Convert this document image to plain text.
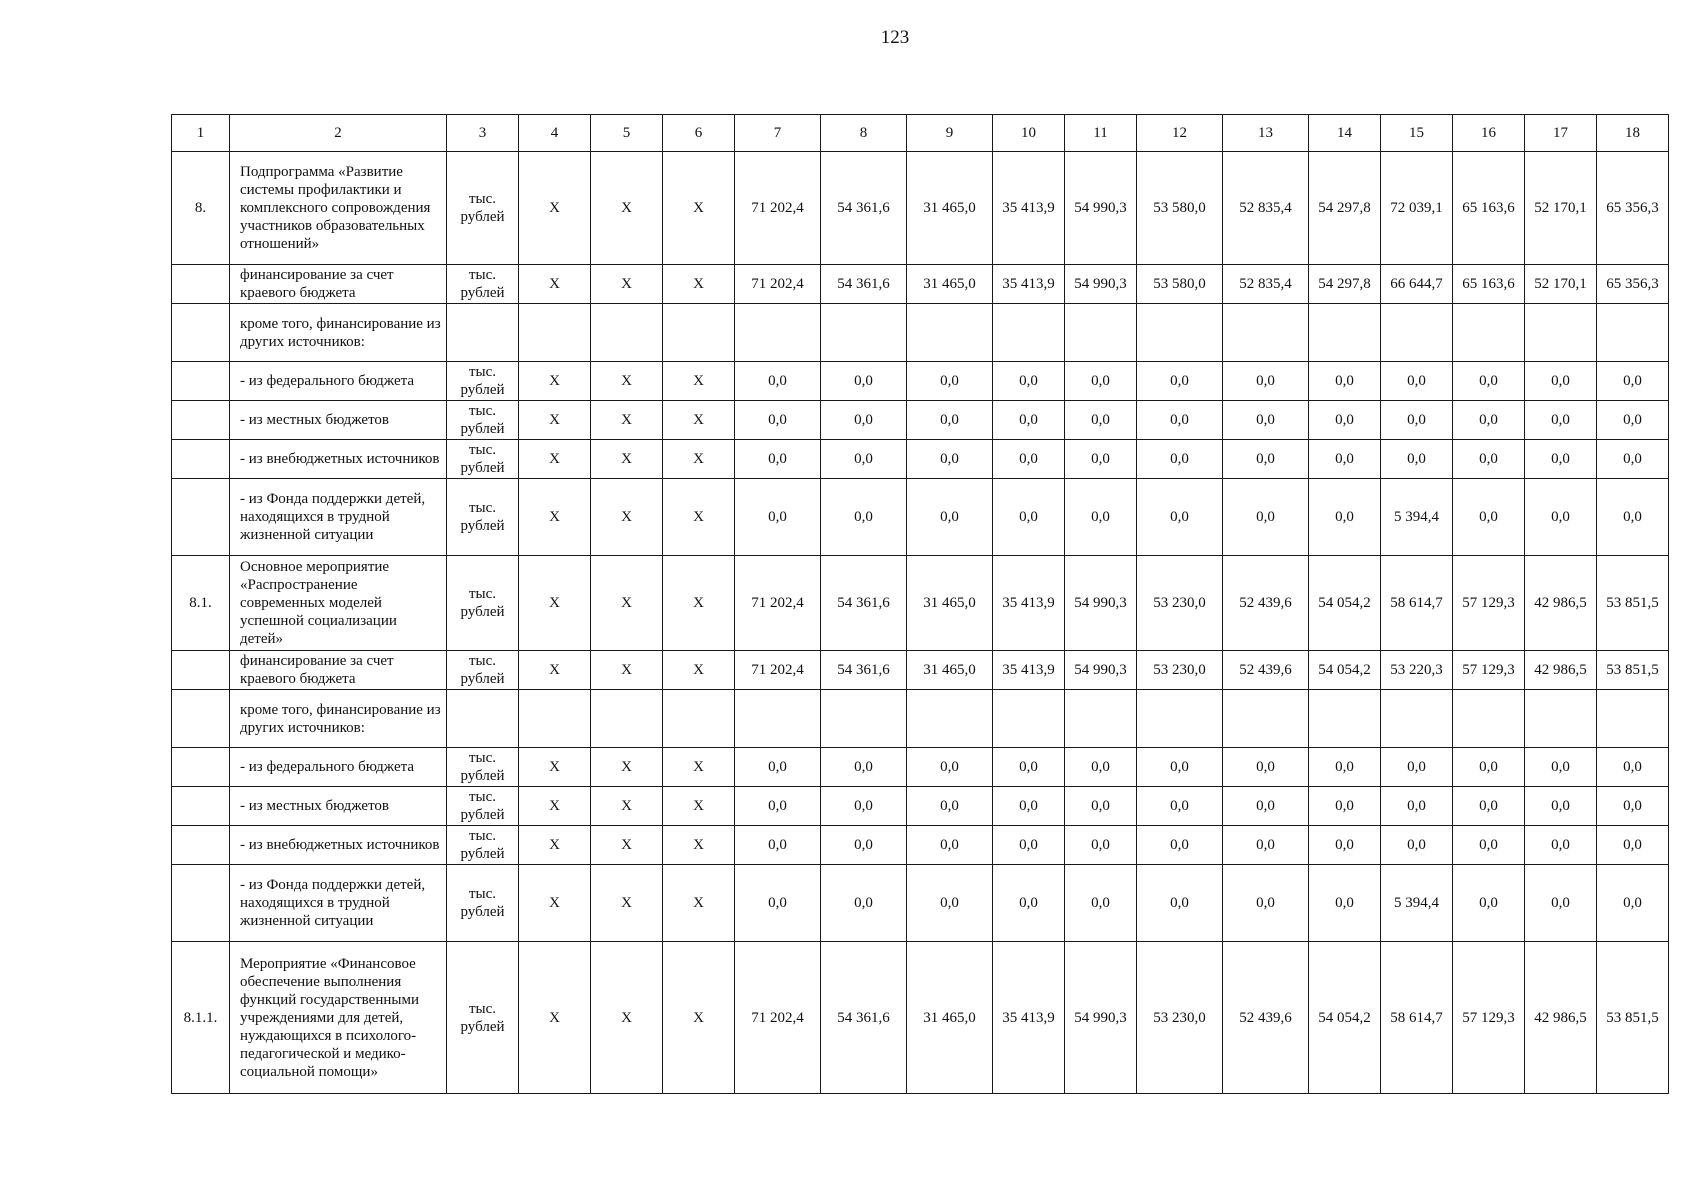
123
1	2	3	4	5	6	7	8	9	10	11	12	13	14	15	16	17	18
8.	Подпрограмма «Развитие системы профилактики и комплексного сопровождения участников образовательных отношений»	тыс. рублей	X	X	X	71 202,4	54 361,6	31 465,0	35 413,9	54 990,3	53 580,0	52 835,4	54 297,8	72 039,1	65 163,6	52 170,1	65 356,3
	финансирование за счет краевого бюджета	тыс. рублей	X	X	X	71 202,4	54 361,6	31 465,0	35 413,9	54 990,3	53 580,0	52 835,4	54 297,8	66 644,7	65 163,6	52 170,1	65 356,3
	кроме того, финансирование из других источников:																
	- из федерального бюджета	тыс. рублей	X	X	X	0,0	0,0	0,0	0,0	0,0	0,0	0,0	0,0	0,0	0,0	0,0	0,0
	- из местных бюджетов	тыс. рублей	X	X	X	0,0	0,0	0,0	0,0	0,0	0,0	0,0	0,0	0,0	0,0	0,0	0,0
	- из внебюджетных источников	тыс. рублей	X	X	X	0,0	0,0	0,0	0,0	0,0	0,0	0,0	0,0	0,0	0,0	0,0	0,0
	- из Фонда поддержки детей, находящихся в трудной жизненной ситуации	тыс. рублей	X	X	X	0,0	0,0	0,0	0,0	0,0	0,0	0,0	0,0	5 394,4	0,0	0,0	0,0
8.1.	Основное мероприятие «Распространение современных моделей успешной социализации детей»	тыс. рублей	X	X	X	71 202,4	54 361,6	31 465,0	35 413,9	54 990,3	53 230,0	52 439,6	54 054,2	58 614,7	57 129,3	42 986,5	53 851,5
	финансирование за счет краевого бюджета	тыс. рублей	X	X	X	71 202,4	54 361,6	31 465,0	35 413,9	54 990,3	53 230,0	52 439,6	54 054,2	53 220,3	57 129,3	42 986,5	53 851,5
	кроме того, финансирование из других источников:																
	- из федерального бюджета	тыс. рублей	X	X	X	0,0	0,0	0,0	0,0	0,0	0,0	0,0	0,0	0,0	0,0	0,0	0,0
	- из местных бюджетов	тыс. рублей	X	X	X	0,0	0,0	0,0	0,0	0,0	0,0	0,0	0,0	0,0	0,0	0,0	0,0
	- из внебюджетных источников	тыс. рублей	X	X	X	0,0	0,0	0,0	0,0	0,0	0,0	0,0	0,0	0,0	0,0	0,0	0,0
	- из Фонда поддержки детей, находящихся в трудной жизненной ситуации	тыс. рублей	X	X	X	0,0	0,0	0,0	0,0	0,0	0,0	0,0	0,0	5 394,4	0,0	0,0	0,0
8.1.1.	Мероприятие «Финансовое обеспечение выполнения функций государственными учреждениями для детей, нуждающихся в психолого-педагогической и медико-социальной помощи»	тыс. рублей	X	X	X	71 202,4	54 361,6	31 465,0	35 413,9	54 990,3	53 230,0	52 439,6	54 054,2	58 614,7	57 129,3	42 986,5	53 851,5
